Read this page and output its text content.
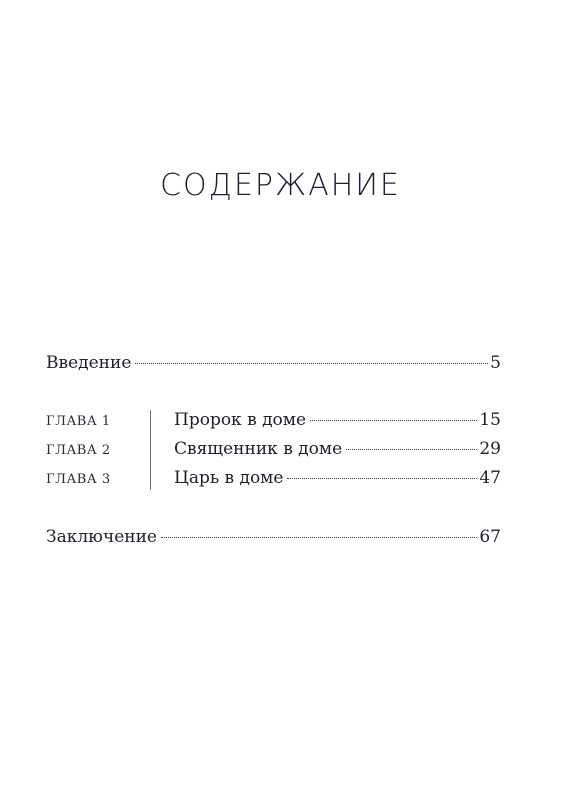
СОДЕРЖАНИЕ
Введение	5
ГЛАВА 1	Пророк в доме	15
ГЛАВА 2	Священник в доме	29
ГЛАВА 3	Царь в доме	47
Заключение	67
